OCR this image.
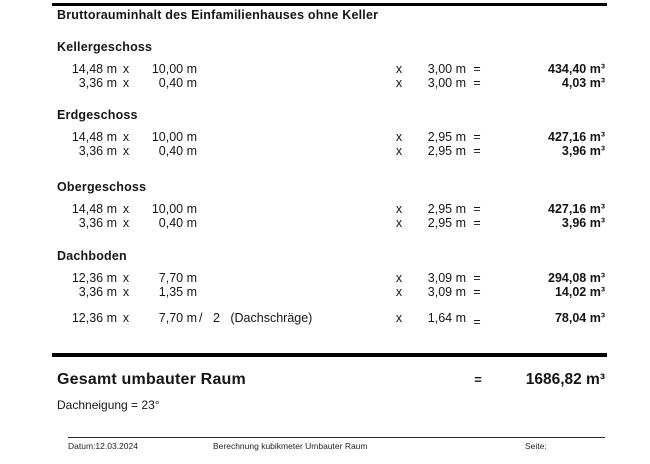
Bruttorauminhalt des Einfamilienhauses ohne Keller
Kellergeschoss
14,48 m x	10,00 m	x	3,00 m =	434,40 m³
3,36 m x	0,40 m	x	3,00 m =	4,03 m³
Erdgeschoss
14,48 m x	10,00 m	x	2,95 m =	427,16 m³
3,36 m x	0,40 m	x	2,95 m =	3,96 m³
Obergeschoss
14,48 m x	10,00 m	x	2,95 m =	427,16 m³
3,36 m x	0,40 m	x	2,95 m =	3,96 m³
Dachboden
12,36 m x	7,70 m	x	3,09 m =	294,08 m³
3,36 m x	1,35 m	x	3,09 m =	14,02 m³
12,36 m x	7,70 m / 2 (Dachschräge)	x	1,64 m =	78,04 m³
Gesamt umbauter Raum	=	1686,82 m³
Dachneigung = 23°
Datum:12.03.2024	Berechnung kubikmeter Umbauter Raum	Seite:
